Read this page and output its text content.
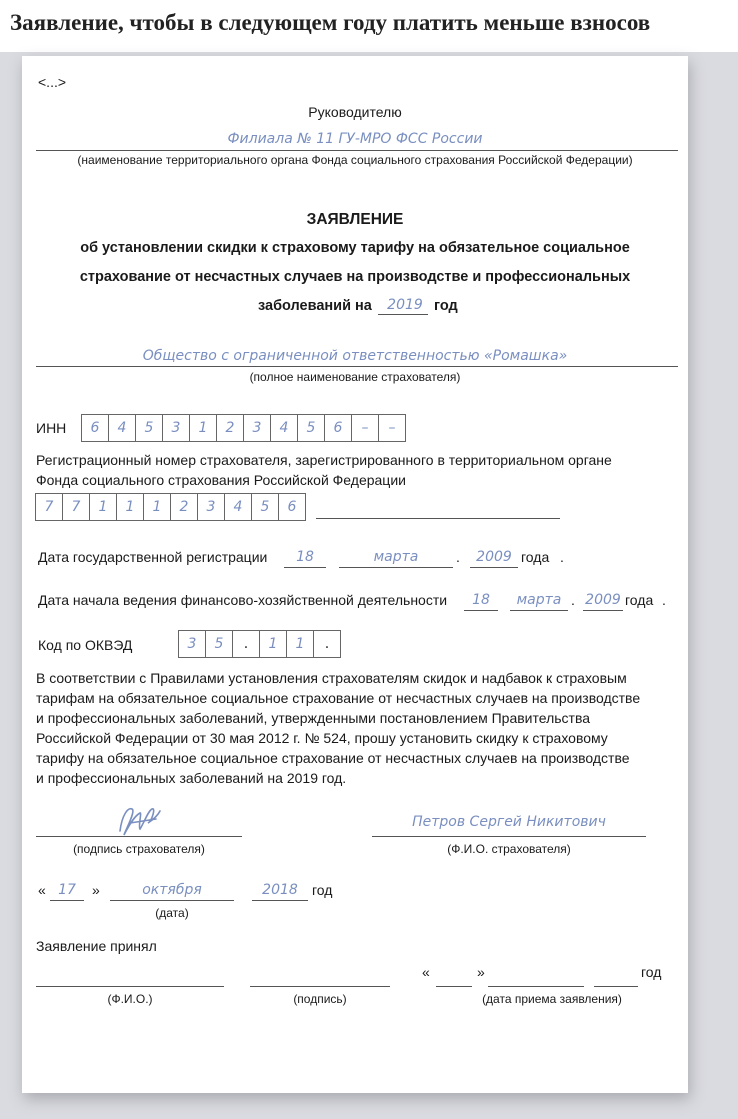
Заявление, чтобы в следующем году платить меньше взносов
<...>
Руководителю
Филиала № 11 ГУ-МРО ФСС России
(наименование территориального органа Фонда социального страхования Российской Федерации)
ЗАЯВЛЕНИЕ
об установлении скидки к страховому тарифу на обязательное социальное
страхование от несчастных случаев на производстве и профессиональных
заболеваний на	2019 год
Общество с ограниченной ответственностью «Ромашка»
(полное наименование страхователя)
ИНН	6	4	5	3	1	2	3	4	5	6	–	–
Регистрационный номер страхователя, зарегистрированного в территориальном органе
Фонда социального страхования Российской Федерации
7	7	1	1	1	2	3	4	5	6
Дата государственной регистрации	18	марта	.	2009 года .
Дата начала ведения финансово-хозяйственной деятельности	18	марта . 2009 года .
Код по ОКВЭД	3	5	.	1	1	.
В соответствии с Правилами установления страхователям скидок и надбавок к страховым
тарифам на обязательное социальное страхование от несчастных случаев на производстве
и профессиональных заболеваний, утвержденными постановлением Правительства
Российской Федерации от 30 мая 2012 г. № 524, прошу установить скидку к страховому
тарифу на обязательное социальное страхование от несчастных случаев на производстве
и профессиональных заболеваний на 2019 год.
(подпись страхователя)
Петров Сергей Никитович
(Ф.И.О. страхователя)
« 17	»	октября	2018	год
(дата)
Заявление принял
(Ф.И.О.)	(подпись)
«	»	год
(дата приема заявления)
